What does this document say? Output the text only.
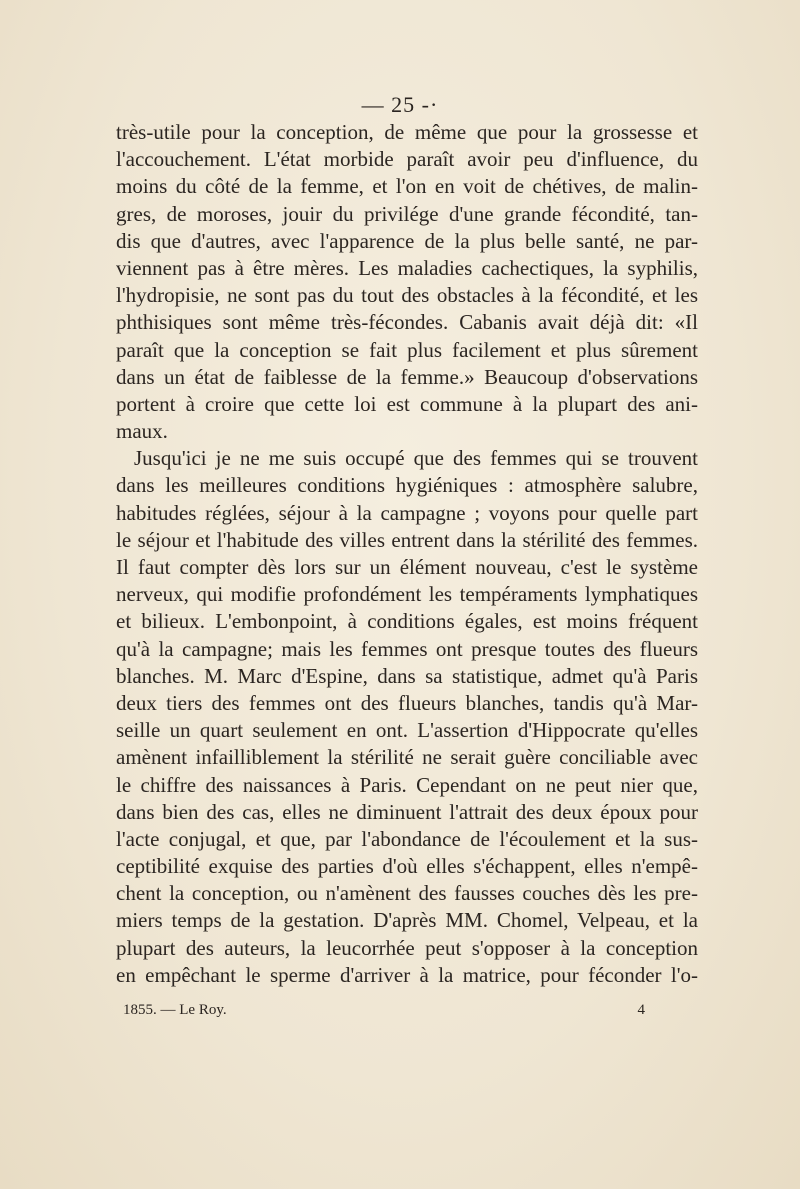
— 25 -·
très-utile pour la conception, de même que pour la grossesse et
l'accouchement. L'état morbide paraît avoir peu d'influence, du
moins du côté de la femme, et l'on en voit de chétives, de malin-
gres, de moroses, jouir du privilége d'une grande fécondité, tan-
dis que d'autres, avec l'apparence de la plus belle santé, ne par-
viennent pas à être mères. Les maladies cachectiques, la syphilis,
l'hydropisie, ne sont pas du tout des obstacles à la fécondité, et les
phthisiques sont même très-fécondes. Cabanis avait déjà dit: «Il
paraît que la conception se fait plus facilement et plus sûrement
dans un état de faiblesse de la femme.» Beaucoup d'observations
portent à croire que cette loi est commune à la plupart des ani-
maux.
Jusqu'ici je ne me suis occupé que des femmes qui se trouvent
dans les meilleures conditions hygiéniques : atmosphère salubre,
habitudes réglées, séjour à la campagne ; voyons pour quelle part
le séjour et l'habitude des villes entrent dans la stérilité des femmes.
Il faut compter dès lors sur un élément nouveau, c'est le système
nerveux, qui modifie profondément les tempéraments lymphatiques
et bilieux. L'embonpoint, à conditions égales, est moins fréquent
qu'à la campagne; mais les femmes ont presque toutes des flueurs
blanches. M. Marc d'Espine, dans sa statistique, admet qu'à Paris
deux tiers des femmes ont des flueurs blanches, tandis qu'à Mar-
seille un quart seulement en ont. L'assertion d'Hippocrate qu'elles
amènent infailliblement la stérilité ne serait guère conciliable avec
le chiffre des naissances à Paris. Cependant on ne peut nier que,
dans bien des cas, elles ne diminuent l'attrait des deux époux pour
l'acte conjugal, et que, par l'abondance de l'écoulement et la sus-
ceptibilité exquise des parties d'où elles s'échappent, elles n'empê-
chent la conception, ou n'amènent des fausses couches dès les pre-
miers temps de la gestation. D'après MM. Chomel, Velpeau, et la
plupart des auteurs, la leucorrhée peut s'opposer à la conception
en empêchant le sperme d'arriver à la matrice, pour féconder l'o-
1855. — Le Roy.	4
